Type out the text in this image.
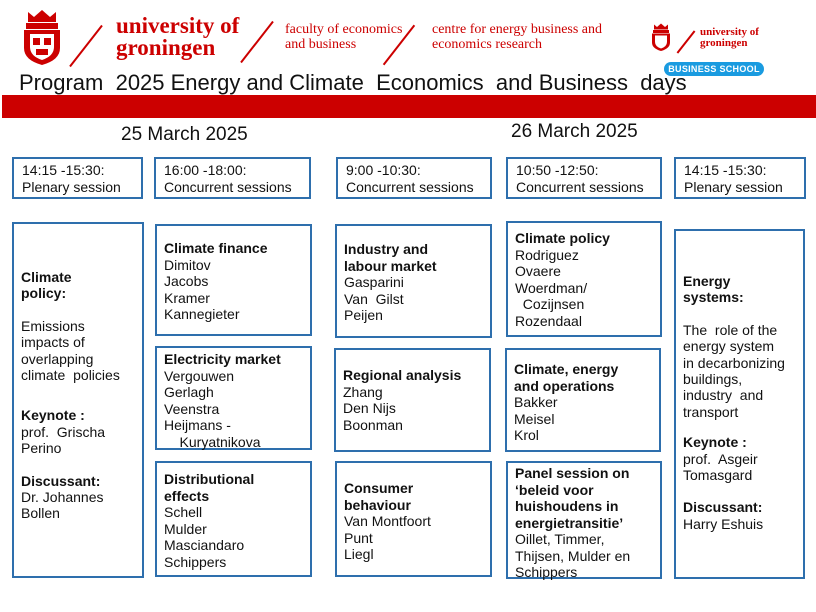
university of
groningen
faculty of economics
and business
centre for energy business and
economics research
university of
groningen
BUSINESS SCHOOL
Program  2025 Energy and Climate  Economics  and Business  days
25 March 2025	26 March 2025
14:15 -15:30:
Plenary session
16:00 -18:00:
Concurrent sessions
9:00 -10:30:
Concurrent sessions
10:50 -12:50:
Concurrent sessions
14:15 -15:30:
Plenary session
Climate
policy:
Emissions
impacts of
overlapping
climate  policies
Keynote :
prof.  Grischa
Perino
Discussant:
Dr. Johannes
Bollen
Climate finance
Dimitov
Jacobs
Kramer
Kannegieter
Electricity market
Vergouwen
Gerlagh
Veenstra
Heijmans -
Kuryatnikova
Distributional
effects
Schell
Mulder
Masciandaro
Schippers
Industry and
labour market
Gasparini
Van  Gilst
Peijen
Regional analysis
Zhang
Den Nijs
Boonman
Consumer
behaviour
Van Montfoort
Punt
Liegl
Climate policy
Rodriguez
Ovaere
Woerdman/
Cozijnsen
Rozendaal
Climate, energy
and operations
Bakker
Meisel
Krol
Panel session on
‘beleid voor
huishoudens in
energietransitie’
Oillet, Timmer,
Thijsen, Mulder en
Schippers
Energy
systems:
The  role of the
energy system
in decarbonizing
buildings,
industry  and
transport
Keynote :
prof.  Asgeir
Tomasgard
Discussant:
Harry Eshuis
